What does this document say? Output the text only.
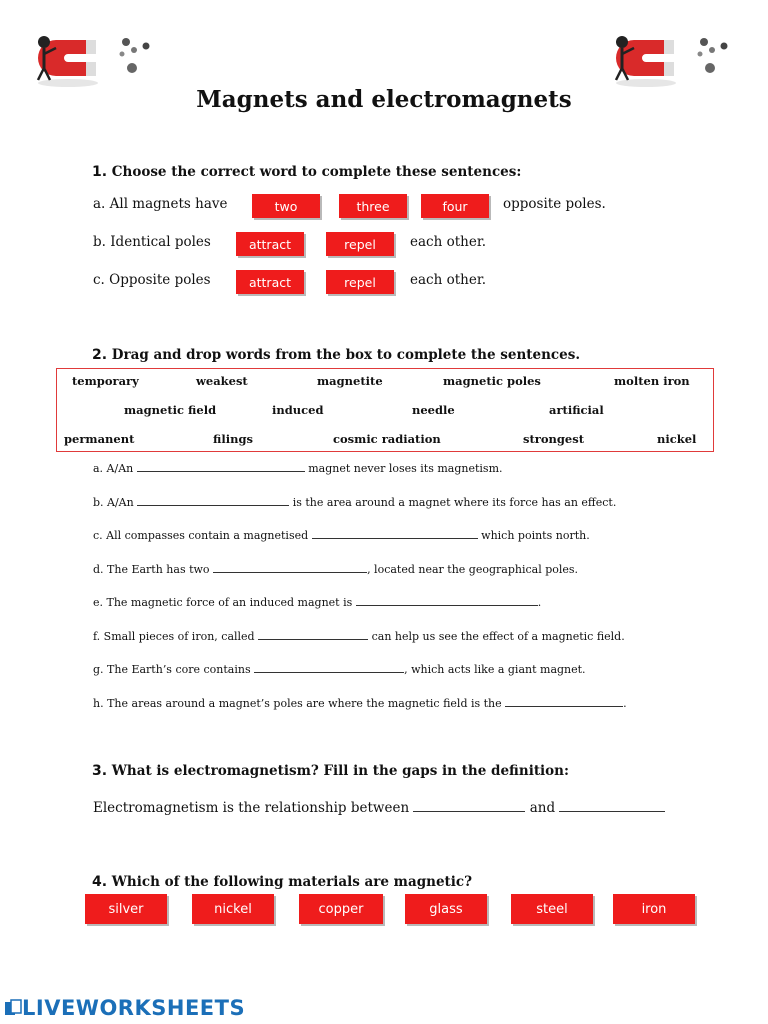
Magnets and electromagnets
1. Choose the correct word to complete these sentences:
a. All magnets have	two	three	four	opposite poles.
b. Identical poles	attract	repel	each other.
c. Opposite poles	attract	repel	each other.
2. Drag and drop words from the box to complete the sentences.
temporary	weakest	magnetite	magnetic poles	molten iron
magnetic field	induced	needle	artificial
permanent	filings	cosmic radiation	strongest	nickel
a. A/An	magnet never loses its magnetism.
b. A/An	is the area around a magnet where its force has an effect.
c. All compasses contain a magnetised	which points north.
d. The Earth has two	, located near the geographical poles.
e. The magnetic force of an induced magnet is	.
f. Small pieces of iron, called	can help us see the effect of a magnetic field.
g. The Earth’s core contains	, which acts like a giant magnet.
h. The areas around a magnet’s poles are where the magnetic field is the	.
3. What is electromagnetism? Fill in the gaps in the definition:
Electromagnetism is the relationship between	and
4. Which of the following materials are magnetic?
silver	nickel	copper	glass	steel	iron
LIVEWORKSHEETS
